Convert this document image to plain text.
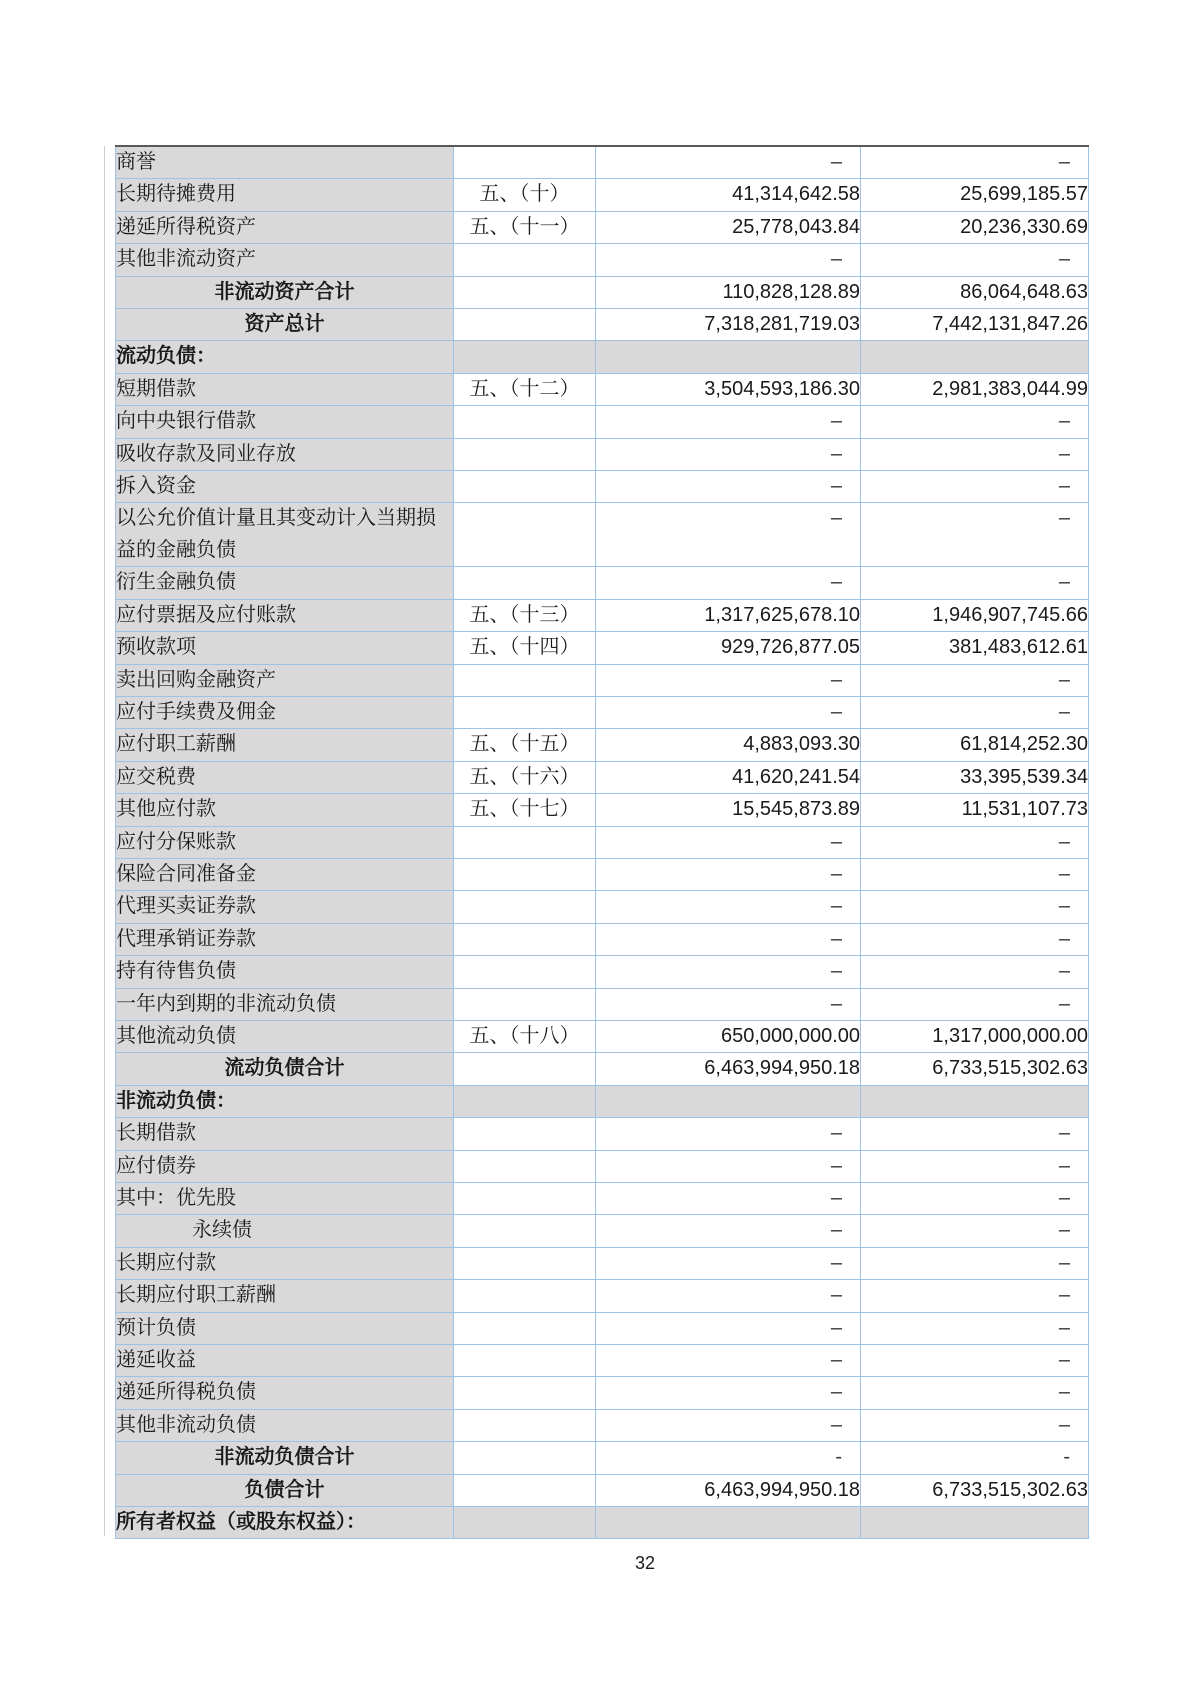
商誉		–	–
长期待摊费用	五、（十）	41,314,642.58	25,699,185.57
递延所得税资产	五、（十一）	25,778,043.84	20,236,330.69
其他非流动资产		–	–
非流动资产合计		110,828,128.89	86,064,648.63
资产总计		7,318,281,719.03	7,442,131,847.26
流动负债：			
短期借款	五、（十二）	3,504,593,186.30	2,981,383,044.99
向中央银行借款		–	–
吸收存款及同业存放		–	–
拆入资金		–	–
以公允价值计量且其变动计入当期损益的金融负债		–	–
衍生金融负债		–	–
应付票据及应付账款	五、（十三）	1,317,625,678.10	1,946,907,745.66
预收款项	五、（十四）	929,726,877.05	381,483,612.61
卖出回购金融资产		–	–
应付手续费及佣金		–	–
应付职工薪酬	五、（十五）	4,883,093.30	61,814,252.30
应交税费	五、（十六）	41,620,241.54	33,395,539.34
其他应付款	五、（十七）	15,545,873.89	11,531,107.73
应付分保账款		–	–
保险合同准备金		–	–
代理买卖证券款		–	–
代理承销证券款		–	–
持有待售负债		–	–
一年内到期的非流动负债		–	–
其他流动负债	五、（十八）	650,000,000.00	1,317,000,000.00
流动负债合计		6,463,994,950.18	6,733,515,302.63
非流动负债：			
长期借款		–	–
应付债券		–	–
其中：优先股		–	–
永续债		–	–
长期应付款		–	–
长期应付职工薪酬		–	–
预计负债		–	–
递延收益		–	–
递延所得税负债		–	–
其他非流动负债		–	–
非流动负债合计		-	-
负债合计		6,463,994,950.18	6,733,515,302.63
所有者权益（或股东权益）：			
32
